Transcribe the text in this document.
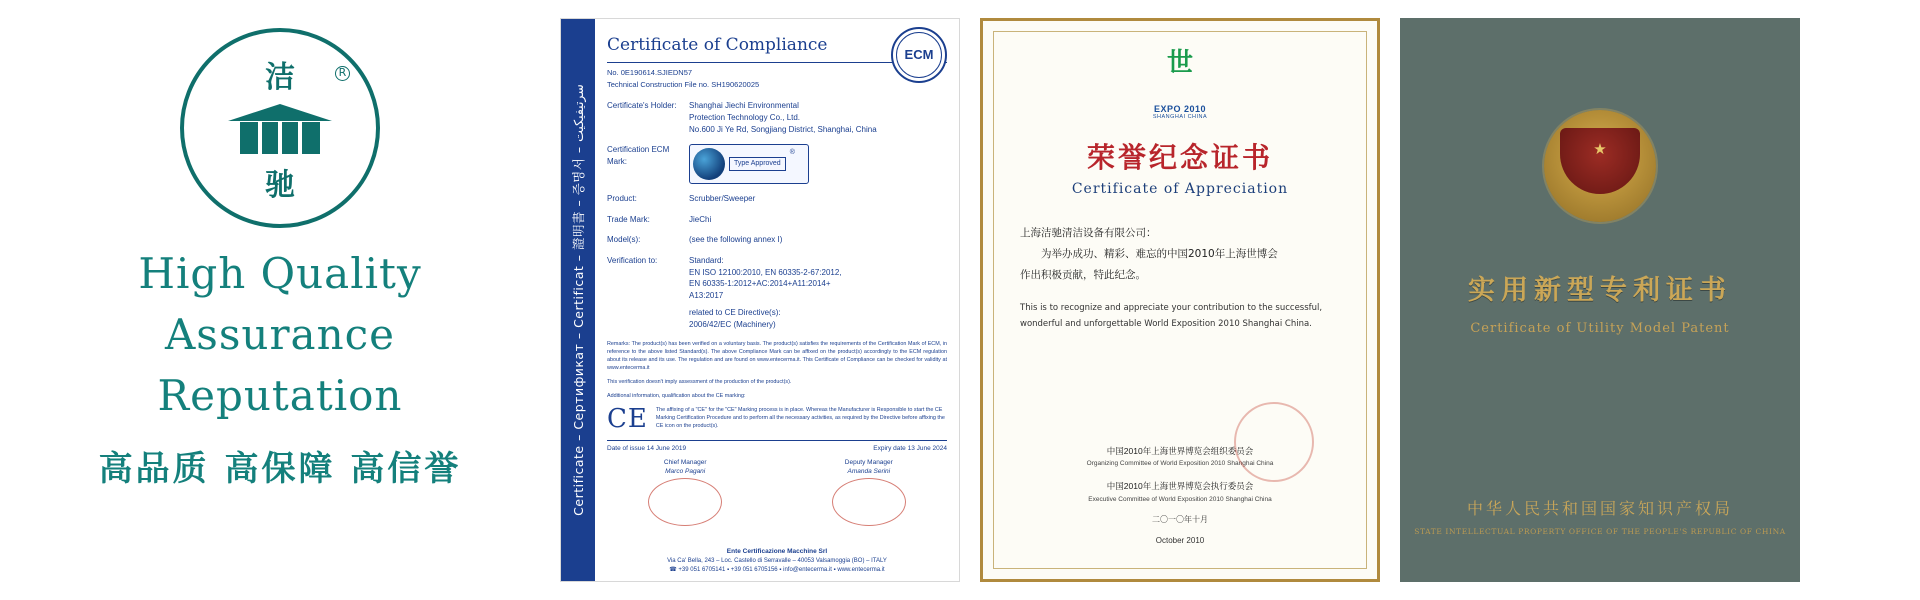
洁	R
驰
High Quality
Assurance
Reputation
高品质 高保障 高信誉	Certificate – Сертификат – Certificat – 證明書 – 증명서 – سرتيفيكيت
ECM
Certificate of Compliance
No. 0E190614.SJIEDN57
Technical Construction File no. SH190620025
Certificate's Holder:	Shanghai Jiechi Environmental
Protection Technology Co., Ltd.
No.600 Ji Ye Rd, Songjiang District, Shanghai, China
Certification ECM Mark:	Type Approved
®
Product:	Scrubber/Sweeper
Trade Mark:	JieChi
Model(s):	(see the following annex I)
Verification to:	Standard:
EN ISO 12100:2010, EN 60335-2-67:2012,
EN 60335-1:2012+AC:2014+A11:2014+
A13:2017

related to CE Directive(s):
2006/42/EC (Machinery)
Remarks: The product(s) has been verified on a voluntary basis. The product(s) satisfies the requirements of the Certification Mark of ECM, in reference to the above listed Standard(s). The above Compliance Mark can be affixed on the product(s) accordingly to the ECM regulation about its release and its use. The regulation and are found on www.entecerma.it. This Certificate of Compliance can be checked for validity at www.entecerma.it
This verification doesn't imply assessment of the production of the product(s).
Additional information, qualification about the CE marking:
CE The affixing of a "CE" for the "CE" Marking process is in place. Whereas the Manufacturer is Responsible to start the CE Marking Certification Procedure and to perform all the necessary activities, as required by the Directive before affixing the CE icon on the product(s).
Date of issue 14 June 2019	Expiry date 13 June 2024
Chief Manager
Marco Pagani
Deputy Manager
Amanda Serini
Ente Certificazione Macchine Srl
Via Ca' Bella, 243 – Loc. Castello di Serravalle – 40053 Valsamoggia (BO) – ITALY
☎ +39 051 6705141 ▪ +39 051 6705156 ▪ info@entecerma.it ▪ www.entecerma.it
世
EXPO 2010
SHANGHAI CHINA
荣誉纪念证书
Certificate of Appreciation
上海洁驰清洁设备有限公司：
为举办成功、精彩、难忘的中国2010年上海世博会
作出积极贡献，特此纪念。
This is to recognize and appreciate your contribution to the successful, wonderful and unforgettable World Exposition 2010 Shanghai China.
中国2010年上海世界博览会组织委员会
Organizing Committee of World Exposition 2010 Shanghai China
中国2010年上海世界博览会执行委员会
Executive Committee of World Exposition 2010 Shanghai China
二〇一〇年十月
October 2010
★
实用新型专利证书
Certificate of Utility Model Patent
中华人民共和国国家知识产权局
STATE INTELLECTUAL PROPERTY OFFICE OF THE PEOPLE'S REPUBLIC OF CHINA
